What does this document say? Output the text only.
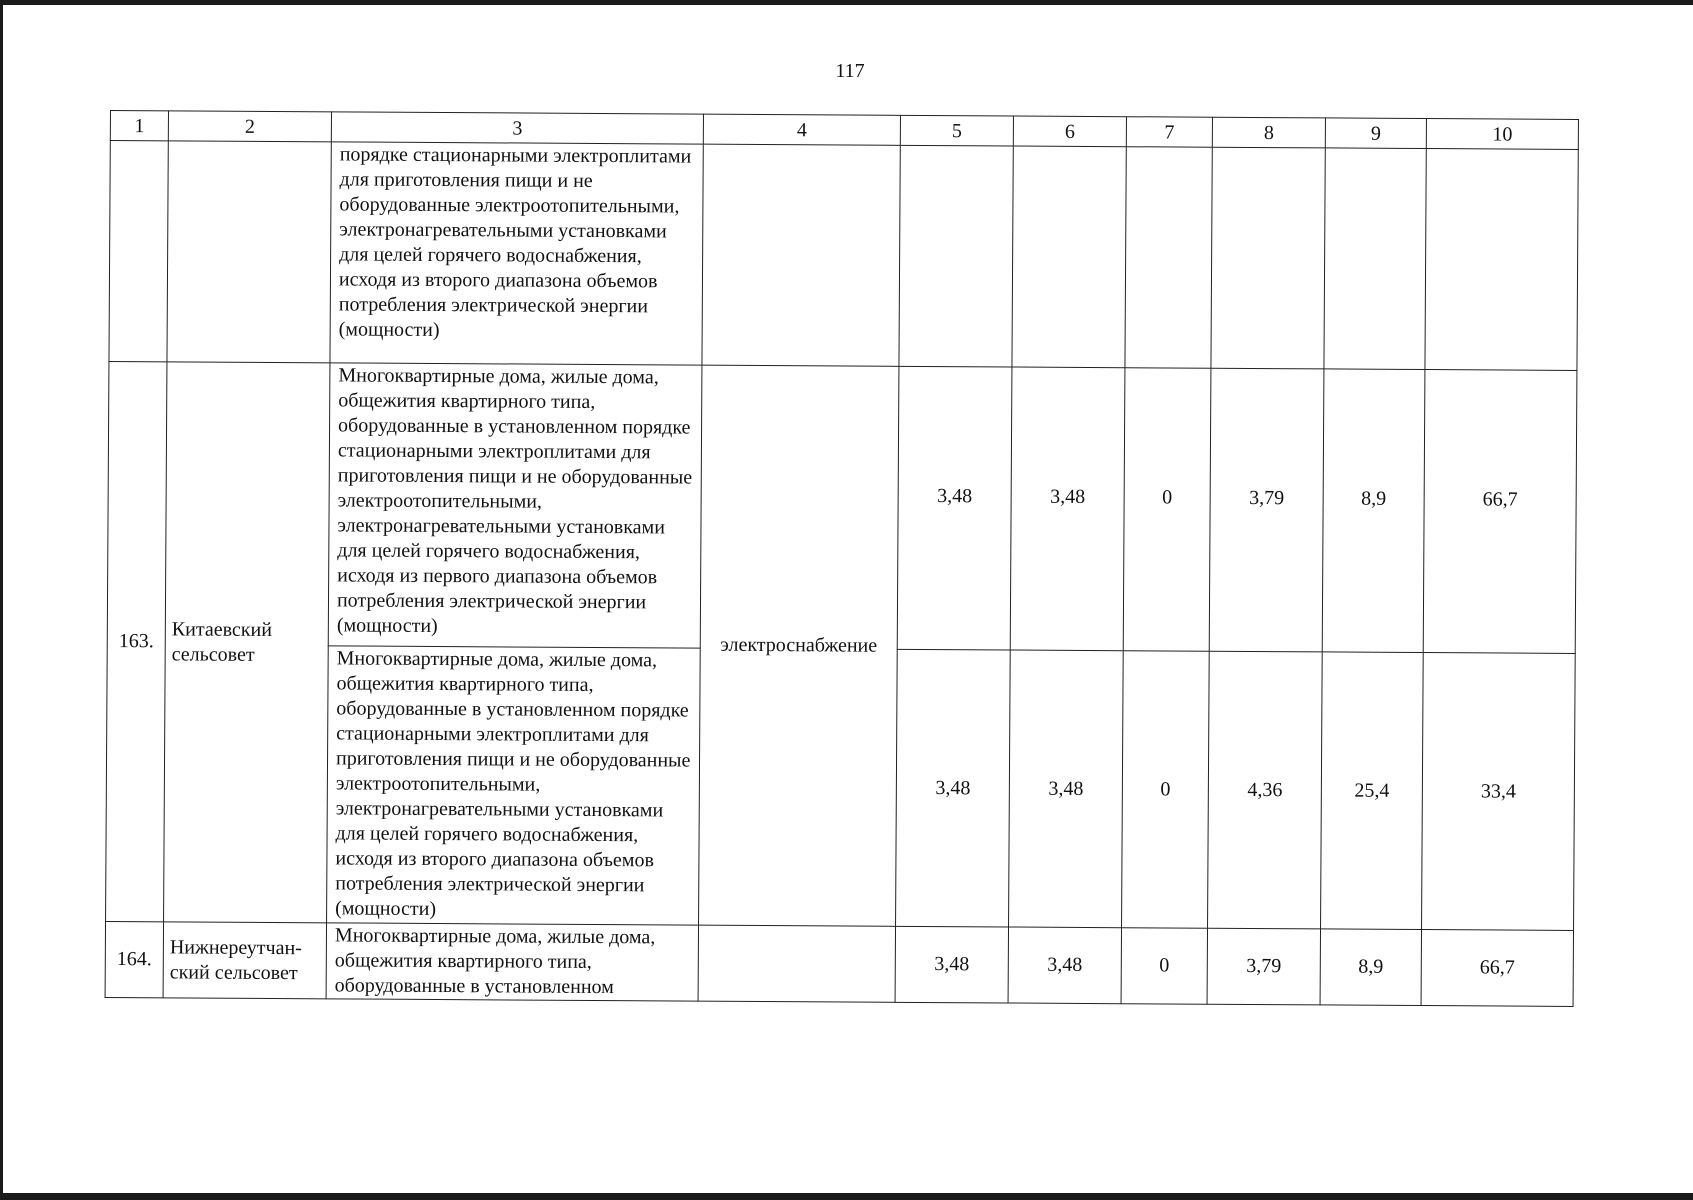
117
1	2	3	4	5	6	7	8	9	10
		порядке стационарными электроплитами для приготовления пищи и не оборудованные электроотопительными, электронагревательными установками для целей горячего водоснабжения, исходя из второго диапазона объемов потребления электрической энергии (мощности)							
163.	Китаевский сельсовет	Многоквартирные дома, жилые дома, общежития квартирного типа, оборудованные в установленном порядке стационарными электроплитами для приготовления пищи и не оборудованные электроотопительными, электронагревательными установками для целей горячего водоснабжения, исходя из первого диапазона объемов потребления электрической энергии (мощности)	электроснабжение	3,48	3,48	0	3,79	8,9	66,7
		Многоквартирные дома, жилые дома, общежития квартирного типа, оборудованные в установленном порядке стационарными электроплитами для приготовления пищи и не оборудованные электроотопительными, электронагревательными установками для целей горячего водоснабжения, исходя из второго диапазона объемов потребления электрической энергии (мощности)		3,48	3,48	0	4,36	25,4	33,4
164.	Нижнереутчан-ский сельсовет	Многоквартирные дома, жилые дома, общежития квартирного типа, оборудованные в установленном		3,48	3,48	0	3,79	8,9	66,7
